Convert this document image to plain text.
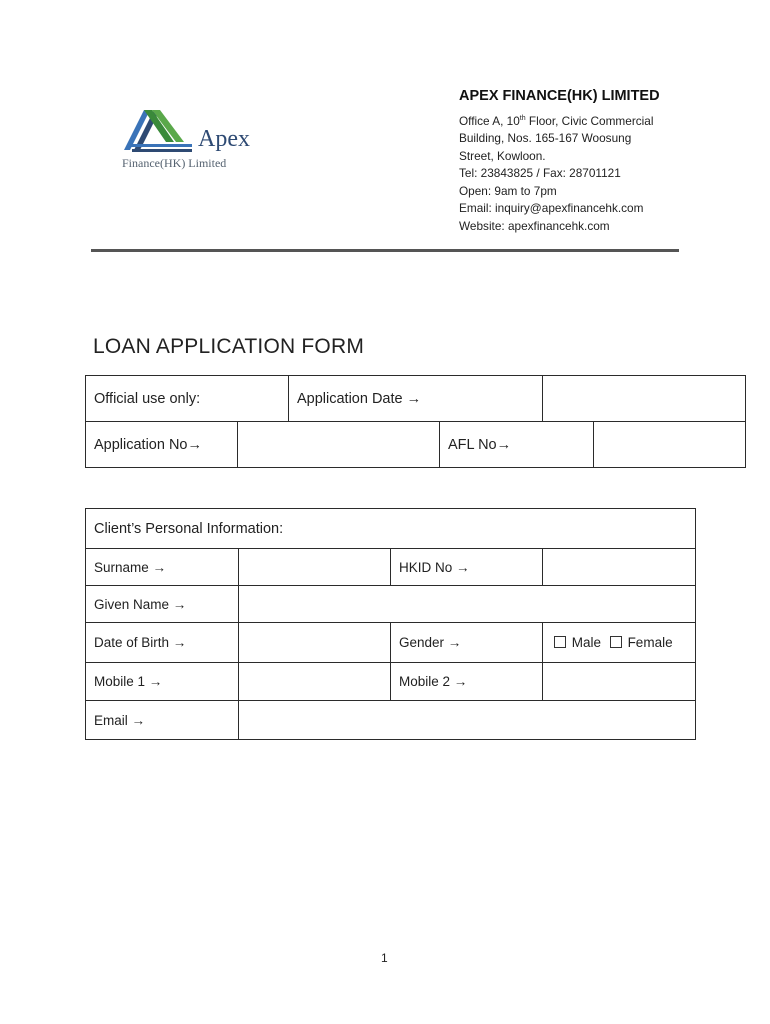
Apex
Finance(HK) Limited
APEX FINANCE(HK) LIMITED
Office A, 10th Floor, Civic Commercial
Building, Nos. 165-167 Woosung
Street, Kowloon.
Tel: 23843825 / Fax: 28701121
Open: 9am to 7pm
Email: inquiry@apexfinancehk.com
Website: apexfinancehk.com
LOAN APPLICATION FORM
Official use only:		Application Date →			
Application No→			AFL No→		
Client’s Personal Information:			
Surname →		HKID No →	
Given Name →			
Date of Birth →		Gender →	Male Female
Mobile 1 →		Mobile 2 →	
Email →			
1
